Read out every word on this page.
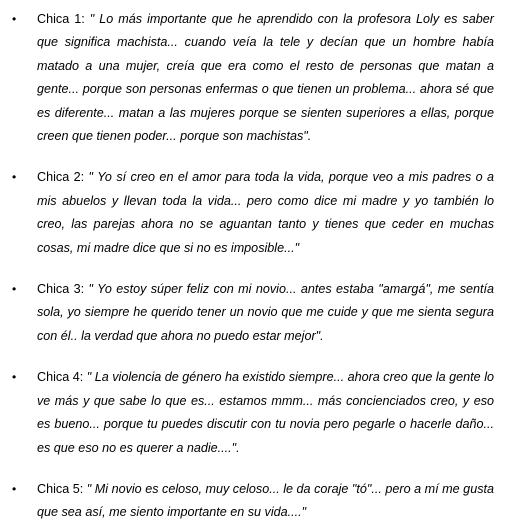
• Chica 1: " Lo más importante que he aprendido con la profesora Loly es saber que significa machista... cuando veía la tele y decían que un hombre había matado a una mujer, creía que era como el resto de personas que matan a gente... porque son personas enfermas o que tienen un problema... ahora sé que es diferente... matan a las mujeres porque se sienten superiores a ellas, porque creen que tienen poder... porque son machistas".
• Chica 2: " Yo sí creo en el amor para toda la vida, porque veo a mis padres o a mis abuelos y llevan toda la vida... pero como dice mi madre y yo también lo creo, las parejas ahora no se aguantan tanto y tienes que ceder en muchas cosas, mi madre dice que si no es imposible..."
• Chica 3: " Yo estoy súper feliz con mi novio... antes estaba "amargá", me sentía sola, yo siempre he querido tener un novio que me cuide y que me sienta segura con él.. la verdad que ahora no puedo estar mejor".
• Chica 4: " La violencia de género ha existido siempre... ahora creo que la gente lo ve más y que sabe lo que es... estamos mmm... más concienciados creo, y eso es bueno... porque tu puedes discutir con tu novia pero pegarle o hacerle daño... es que eso no es querer a nadie....".
• Chica 5: " Mi novio es celoso, muy celoso... le da coraje "tó"... pero a mí me gusta que sea así, me siento importante en su vida...."
